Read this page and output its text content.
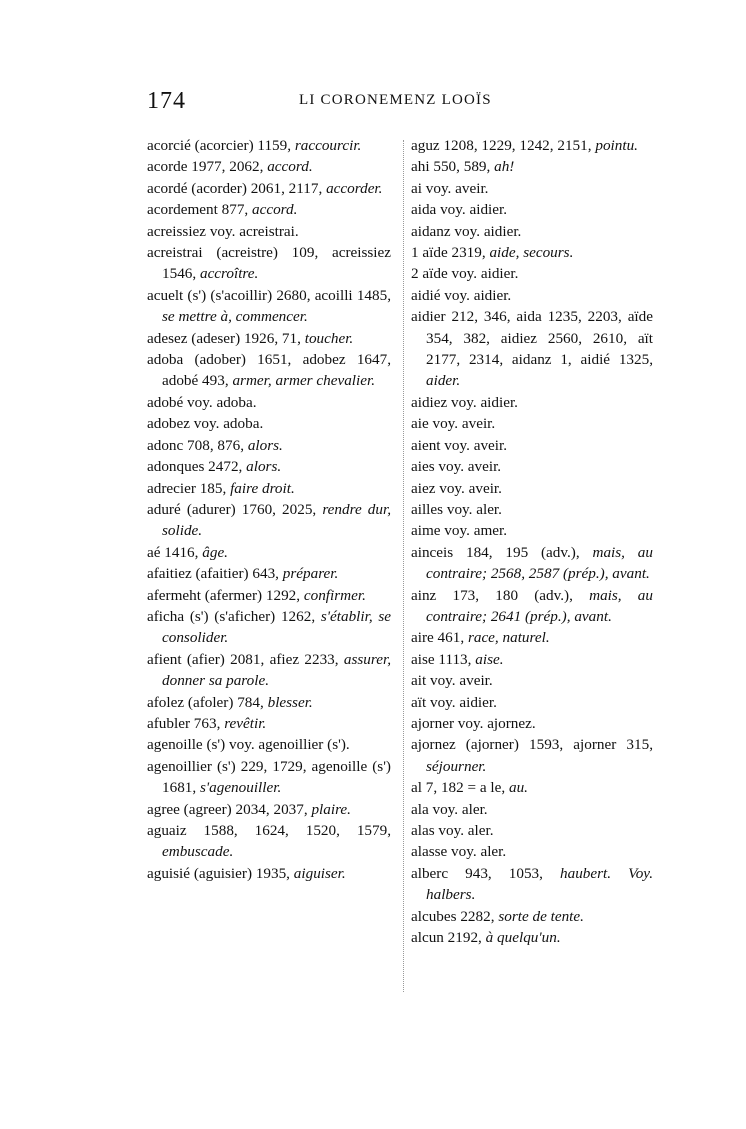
174	LI CORONEMENZ LOOÏS

acorcié (acorcier) 1159, raccourcir.

acorde 1977, 2062, accord.

acordé (acorder) 2061, 2117, accorder.

acordement 877, accord.

acreissiez voy. acreistrai.

acreistrai (acreistre) 109, acreissiez 1546, accroître.

acuelt (s') (s'acoillir) 2680, acoilli 1485, se mettre à, commencer.

adesez (adeser) 1926, 71, toucher.

adoba (adober) 1651, adobez 1647, adobé 493, armer, armer chevalier.

adobé voy. adoba.

adobez voy. adoba.

adonc 708, 876, alors.

adonques 2472, alors.

adrecier 185, faire droit.

aduré (adurer) 1760, 2025, rendre dur, solide.

aé 1416, âge.

afaitiez (afaitier) 643, préparer.

afermeht (afermer) 1292, confirmer.

aficha (s') (s'aficher) 1262, s'établir, se consolider.

afient (afier) 2081, afiez 2233, assurer, donner sa parole.

afolez (afoler) 784, blesser.

afubler 763, revêtir.

agenoille (s') voy. agenoillier (s').

agenoillier (s') 229, 1729, agenoille (s') 1681, s'agenouiller.

agree (agreer) 2034, 2037, plaire.

aguaiz 1588, 1624, 1520, 1579, embuscade.

aguisié (aguisier) 1935, aiguiser.

aguz 1208, 1229, 1242, 2151, pointu.

ahi 550, 589, ah!

ai voy. aveir.

aida voy. aidier.

aidanz voy. aidier.

1 aïde 2319, aide, secours.

2 aïde voy. aidier.

aidié voy. aidier.

aidier 212, 346, aida 1235, 2203, aïde 354, 382, aidiez 2560, 2610, aït 2177, 2314, aidanz 1, aidié 1325, aider.

aidiez voy. aidier.

aie voy. aveir.

aient voy. aveir.

aies voy. aveir.

aiez voy. aveir.

ailles voy. aler.

aime voy. amer.

ainceis 184, 195 (adv.), mais, au contraire; 2568, 2587 (prép.), avant.

ainz 173, 180 (adv.), mais, au contraire; 2641 (prép.), avant.

aire 461, race, naturel.

aise 1113, aise.

ait voy. aveir.

aït voy. aidier.

ajorner voy. ajornez.

ajornez (ajorner) 1593, ajorner 315, séjourner.

al 7, 182 = a le, au.

ala voy. aler.

alas voy. aler.

alasse voy. aler.

alberc 943, 1053, haubert. Voy. halbers.

alcubes 2282, sorte de tente.

alcun 2192, à quelqu'un.
